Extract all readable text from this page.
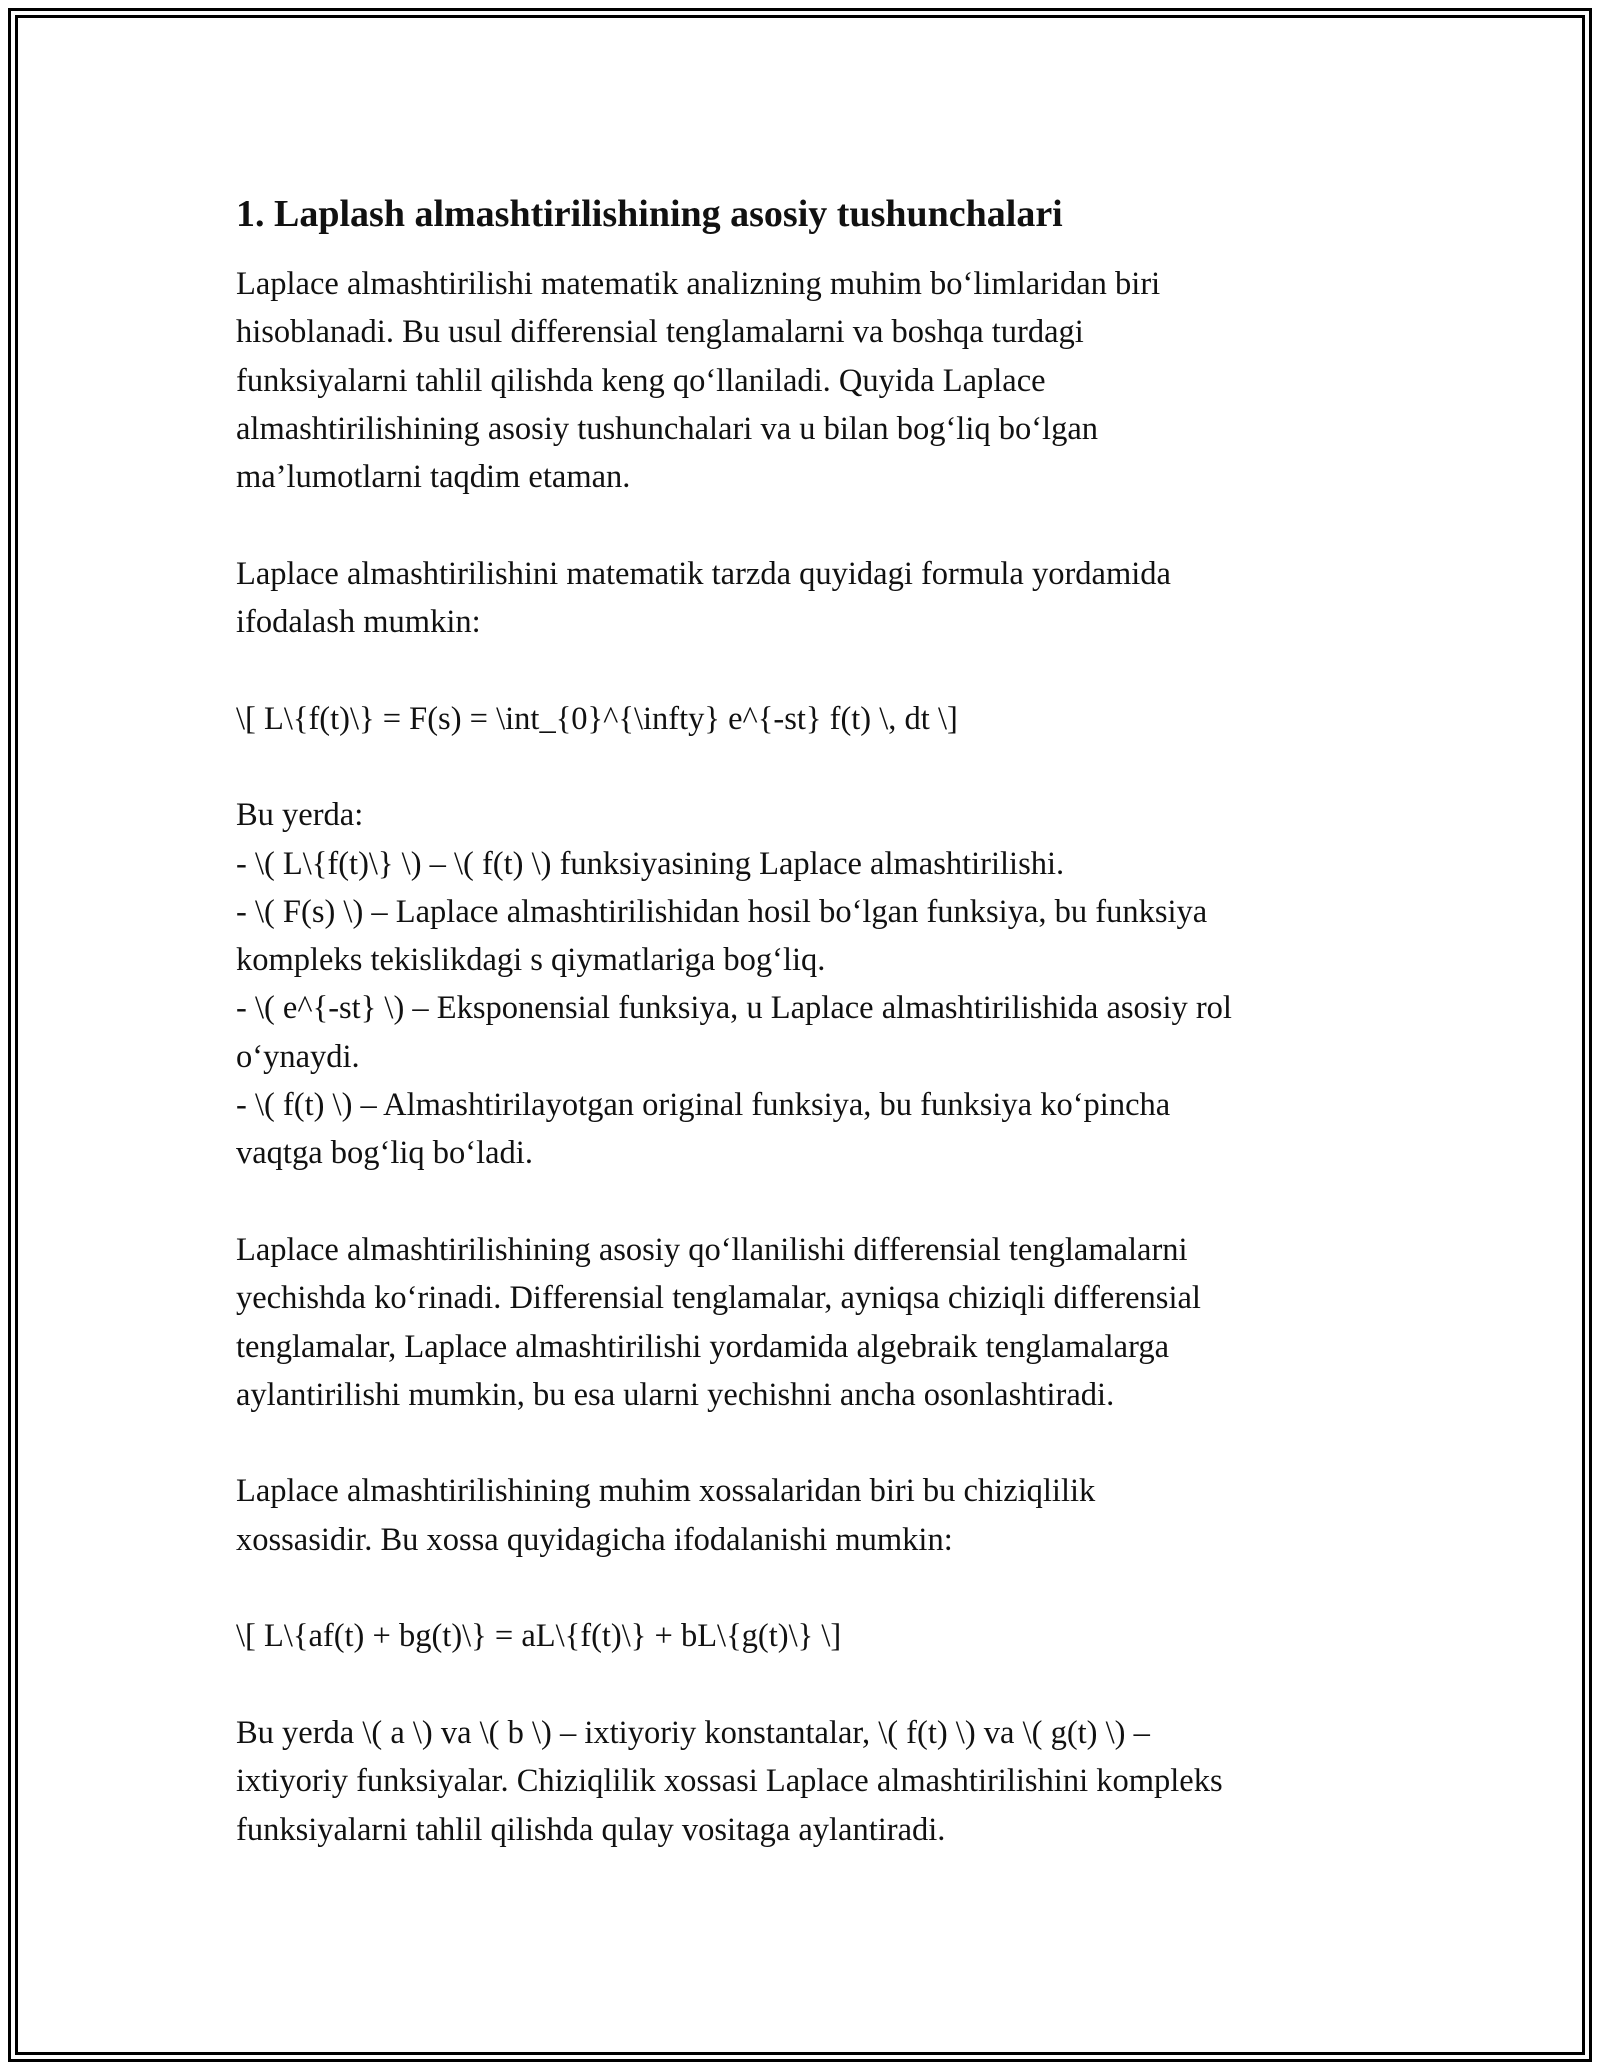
1. Laplash almashtirilishining asosiy tushunchalari

Laplace almashtirilishi matematik analizning muhim bo‘limlaridan biri
hisoblanadi. Bu usul differensial tenglamalarni va boshqa turdagi
funksiyalarni tahlil qilishda keng qo‘llaniladi. Quyida Laplace
almashtirilishining asosiy tushunchalari va u bilan bog‘liq bo‘lgan
ma’lumotlarni taqdim etaman.

Laplace almashtirilishini matematik tarzda quyidagi formula yordamida
ifodalash mumkin:

\[ L\{f(t)\} = F(s) = \int_{0}^{\infty} e^{-st} f(t) \, dt \]

Bu yerda:
- \( L\{f(t)\} \) – \( f(t) \) funksiyasining Laplace almashtirilishi.
- \( F(s) \) – Laplace almashtirilishidan hosil bo‘lgan funksiya, bu funksiya
kompleks tekislikdagi s qiymatlariga bog‘liq.
- \( e^{-st} \) – Eksponensial funksiya, u Laplace almashtirilishida asosiy rol
o‘ynaydi.
- \( f(t) \) – Almashtirilayotgan original funksiya, bu funksiya ko‘pincha
vaqtga bog‘liq bo‘ladi.

Laplace almashtirilishining asosiy qo‘llanilishi differensial tenglamalarni
yechishda ko‘rinadi. Differensial tenglamalar, ayniqsa chiziqli differensial
tenglamalar, Laplace almashtirilishi yordamida algebraik tenglamalarga
aylantirilishi mumkin, bu esa ularni yechishni ancha osonlashtiradi.

Laplace almashtirilishining muhim xossalaridan biri bu chiziqlilik
xossasidir. Bu xossa quyidagicha ifodalanishi mumkin:

\[ L\{af(t) + bg(t)\} = aL\{f(t)\} + bL\{g(t)\} \]

Bu yerda \( a \) va \( b \) – ixtiyoriy konstantalar, \( f(t) \) va \( g(t) \) –
ixtiyoriy funksiyalar. Chiziqlilik xossasi Laplace almashtirilishini kompleks
funksiyalarni tahlil qilishda qulay vositaga aylantiradi.
